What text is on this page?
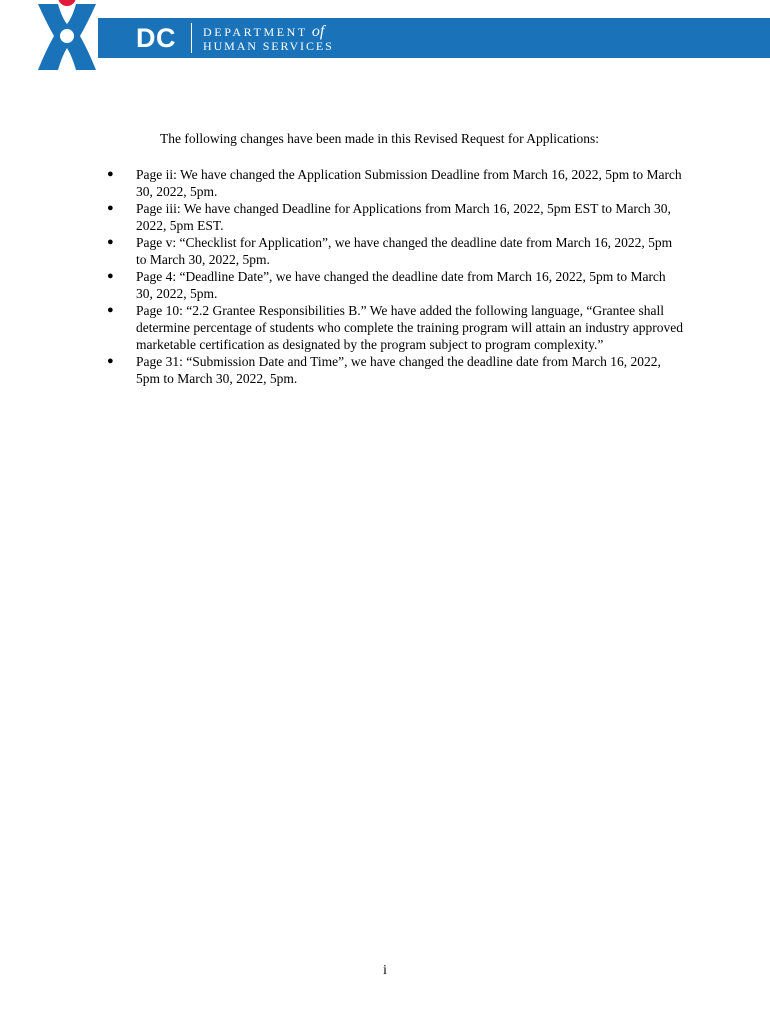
DC DEPARTMENT of
HUMAN SERVICES

The following changes have been made in this Revised Request for Applications:

● Page ii: We have changed the Application Submission Deadline from March 16, 2022, 5pm to March 30, 2022, 5pm.
● Page iii: We have changed Deadline for Applications from March 16, 2022, 5pm EST to March 30, 2022, 5pm EST.
● Page v: “Checklist for Application”, we have changed the deadline date from March 16, 2022, 5pm to March 30, 2022, 5pm.
● Page 4: “Deadline Date”, we have changed the deadline date from March 16, 2022, 5pm to March 30, 2022, 5pm.
● Page 10: “2.2 Grantee Responsibilities B.” We have added the following language, “Grantee shall determine percentage of students who complete the training program will attain an industry approved marketable certification as designated by the program subject to program complexity.”
● Page 31: “Submission Date and Time”, we have changed the deadline date from March 16, 2022, 5pm to March 30, 2022, 5pm.
i
